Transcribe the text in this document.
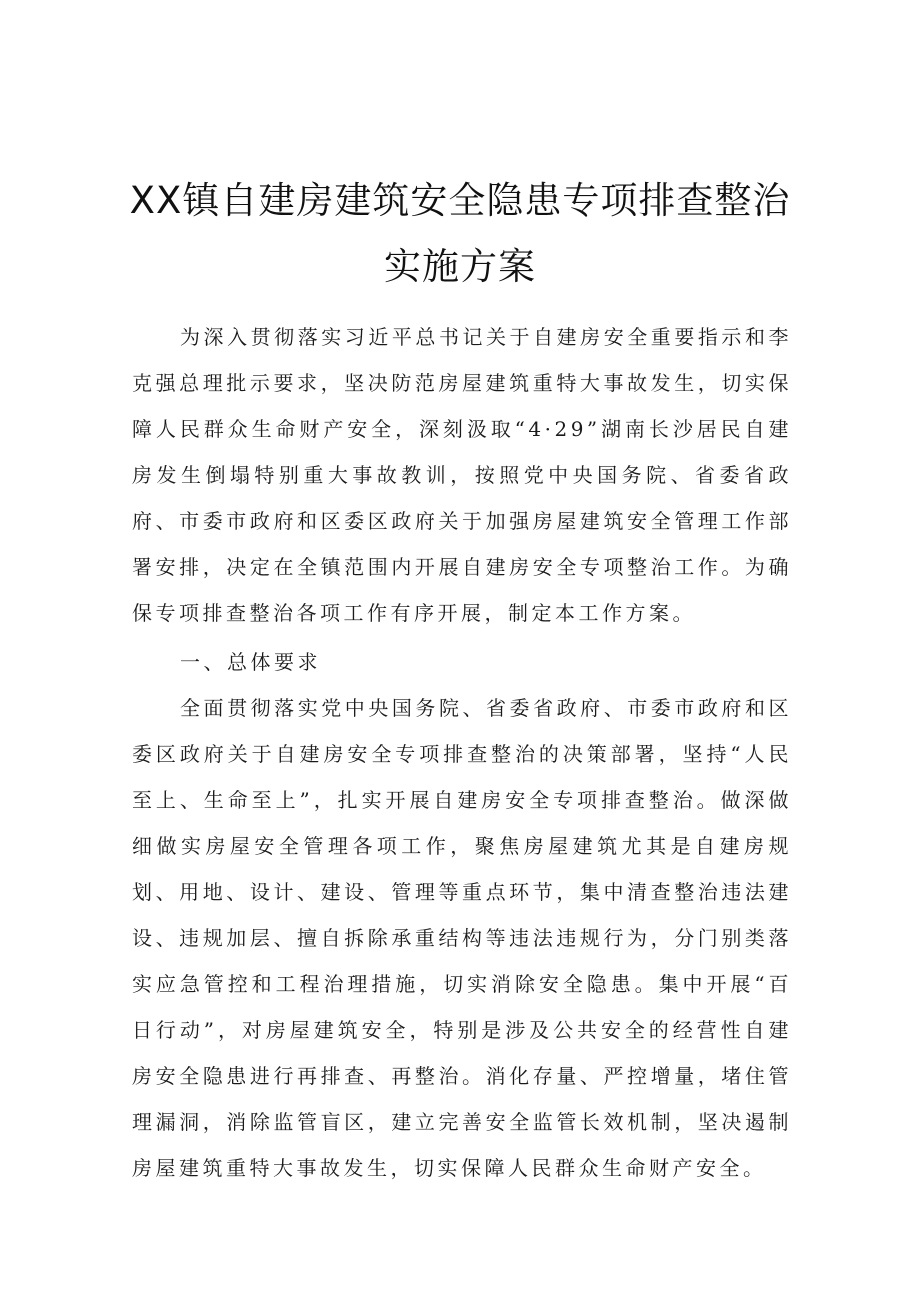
XX镇自建房建筑安全隐患专项排查整治
实施方案

为深入贯彻落实习近平总书记关于自建房安全重要指示和李克强总理批示要求，坚决防范房屋建筑重特大事故发生，切实保障人民群众生命财产安全，深刻汲取“4·29”湖南长沙居民自建房发生倒塌特别重大事故教训，按照党中央国务院、省委省政府、市委市政府和区委区政府关于加强房屋建筑安全管理工作部署安排，决定在全镇范围内开展自建房安全专项整治工作。为确保专项排查整治各项工作有序开展，制定本工作方案。

一、总体要求

全面贯彻落实党中央国务院、省委省政府、市委市政府和区委区政府关于自建房安全专项排查整治的决策部署，坚持“人民至上、生命至上”，扎实开展自建房安全专项排查整治。做深做细做实房屋安全管理各项工作，聚焦房屋建筑尤其是自建房规划、用地、设计、建设、管理等重点环节，集中清查整治违法建设、违规加层、擅自拆除承重结构等违法违规行为，分门别类落实应急管控和工程治理措施，切实消除安全隐患。集中开展“百日行动”，对房屋建筑安全，特别是涉及公共安全的经营性自建房安全隐患进行再排查、再整治。消化存量、严控增量，堵住管理漏洞，消除监管盲区，建立完善安全监管长效机制，坚决遏制房屋建筑重特大事故发生，切实保障人民群众生命财产安全。
